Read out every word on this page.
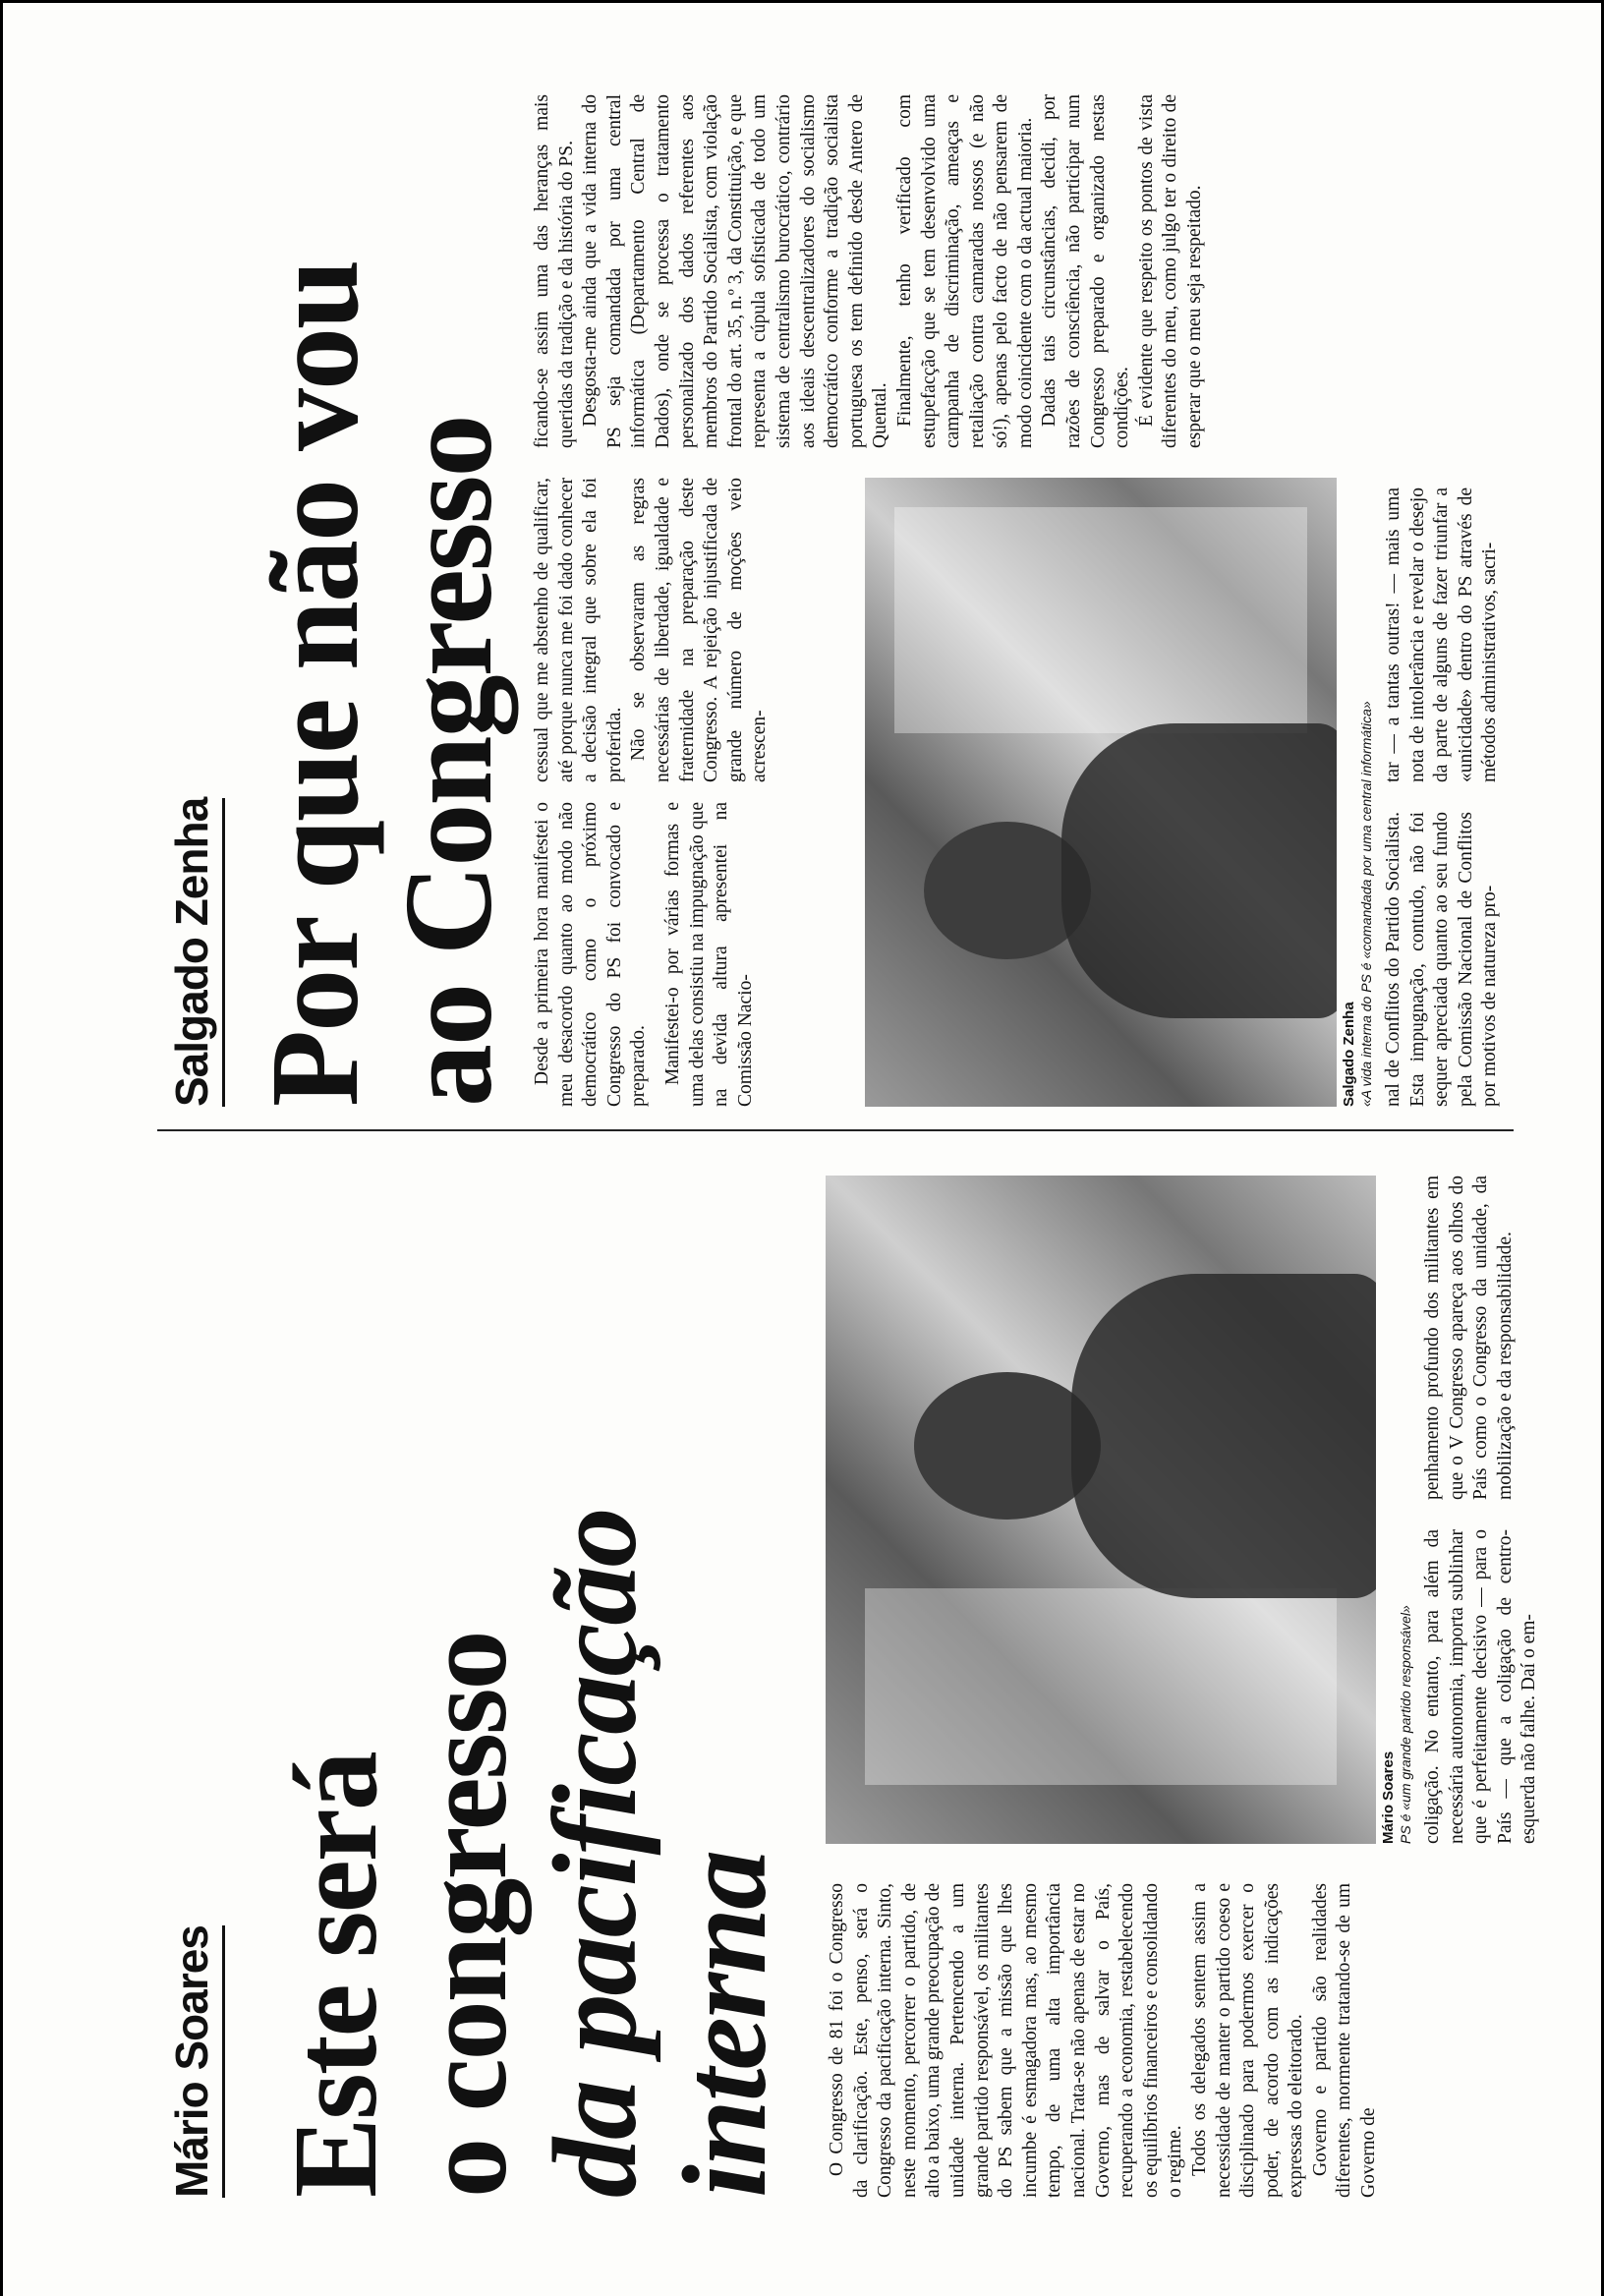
Mário Soares Este será
o congresso
da pacificação
interna O Congresso de 81 foi o Congresso da clarificação. Este, penso, será o Congresso da pacificação interna. Sinto, neste momento, percorrer o partido, de alto a baixo, uma grande preocupação de unidade interna. Pertencendo a um grande partido responsável, os militantes do PS sabem que a missão que lhes incumbe é esmagadora mas, ao mesmo tempo, de uma alta importância nacional. Trata-se não apenas de estar no Governo, mas de salvar o País, recuperando a economia, restabelecendo os equilíbrios financeiros e consolidando o regime. Todos os delegados sentem assim a necessidade de manter o partido coeso e disciplinado para podermos exercer o poder, de acordo com as indicações expressas do eleitorado. Governo e partido são realidades diferentes, mormente tratando-se de um Governo de

Mário Soares PS é «um grande partido responsável» coligação. No entanto, para além da necessária autonomia, importa sublinhar que é perfeitamente decisivo — para o País — que a coligação de centro-esquerda não falhe. Daí o em-

penhamento profundo dos militantes em que o V Congresso apareça aos olhos do País como o Congresso da unidade, da mobilização e da responsabilidade.

Salgado Zenha Por que não vou
ao Congresso Desde a primeira hora manifestei o meu desacordo quanto ao modo não democrático como o próximo Congresso do PS foi convocado e preparado. Manifestei-o por várias formas e uma delas consistiu na impugnação que na devida altura apresentei na Comissão Nacio-

cessual que me abstenho de qualificar, até porque nunca me foi dado conhecer a decisão integral que sobre ela foi proferida. Não se observaram as regras necessárias de liberdade, igualdade e fraternidade na preparação deste Congresso. A rejeição injustificada de grande número de moções veio acrescen-

ficando-se assim uma das heranças mais queridas da tradição e da história do PS. Desgosta-me ainda que a vida interna do PS seja comandada por uma central informática (Departamento Central de Dados), onde se processa o tratamento personalizado dos dados referentes aos membros do Partido Socialista, com violação frontal do art. 35, n.º 3, da Constituição, e que representa a cúpula sofisticada de todo um sistema de centralismo burocrático, contrário aos ideais descentralizadores do socialismo democrático conforme a tradição socialista portuguesa os tem definido desde Antero de Quental. Finalmente, tenho verificado com estupefacção que se tem desenvolvido uma campanha de discriminação, ameaças e retaliação contra camaradas nossos (e não só!), apenas pelo facto de não pensarem de modo coincidente com o da actual maioria. Dadas tais circunstâncias, decidi, por razões de consciência, não participar num Congresso preparado e organizado nestas condições. É evidente que respeito os pontos de vista diferentes do meu, como julgo ter o direito de esperar que o meu seja respeitado.

Salgado Zenha «A vida interna do PS é «comandada por uma central informática» nal de Conflitos do Partido Socialista. Esta impugnação, contudo, não foi sequer apreciada quanto ao seu fundo pela Comissão Nacional de Conflitos por motivos de natureza pro-

tar — a tantas outras! — mais uma nota de intolerância e revelar o desejo da parte de alguns de fazer triunfar a «unicidade» dentro do PS através de métodos administrativos, sacri-
